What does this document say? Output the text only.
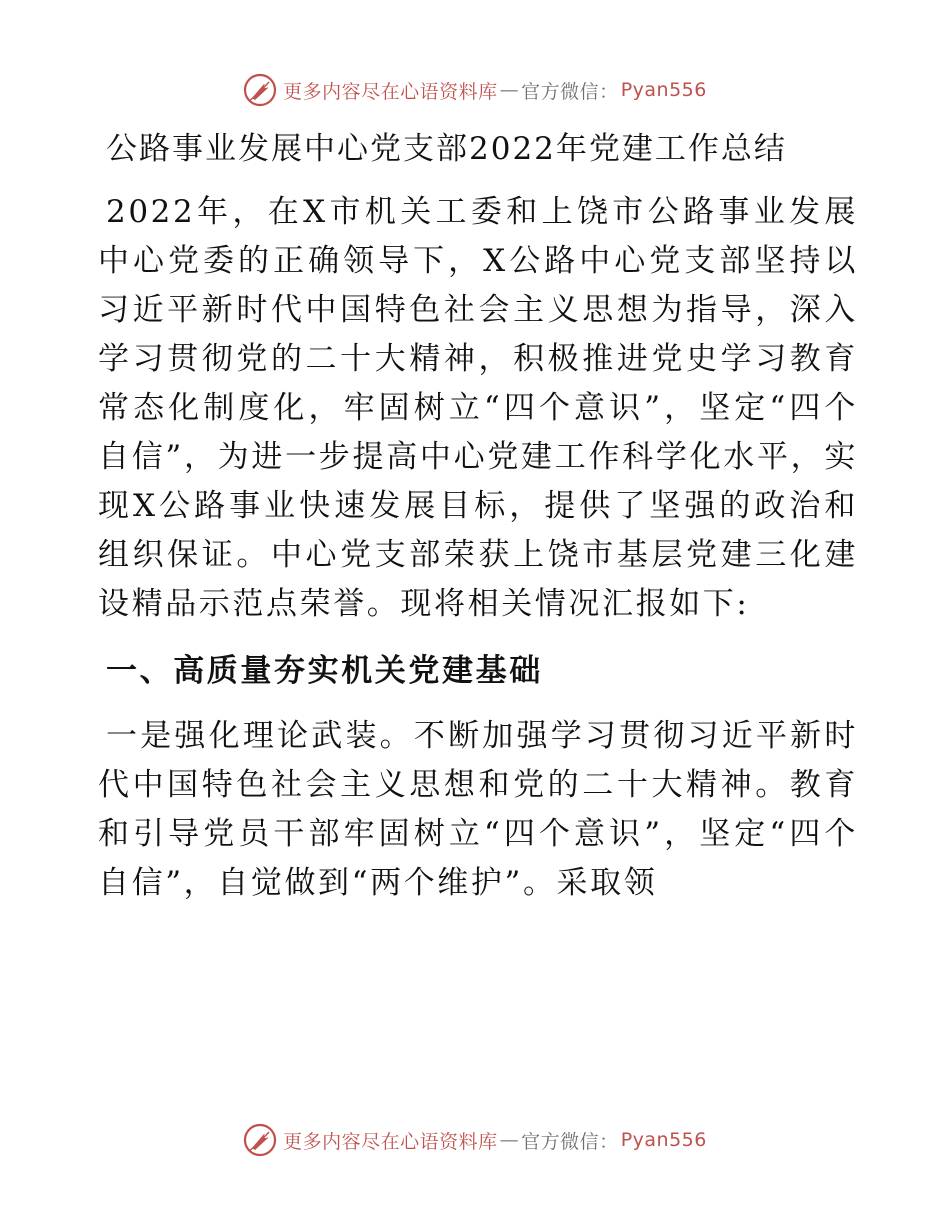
更多内容尽在心语资料库 — 官方微信： Pyan556
公路事业发展中心党支部2022年党建工作总结

2022年，在X市机关工委和上饶市公路事业发展中心党委的正确领导下，X公路中心党支部坚持以习近平新时代中国特色社会主义思想为指导，深入学习贯彻党的二十大精神，积极推进党史学习教育常态化制度化，牢固树立“四个意识”，坚定“四个自信”，为进一步提高中心党建工作科学化水平，实现X公路事业快速发展目标，提供了坚强的政治和组织保证。中心党支部荣获上饶市基层党建三化建设精品示范点荣誉。现将相关情况汇报如下:

一、高质量夯实机关党建基础

一是强化理论武装。不断加强学习贯彻习近平新时代中国特色社会主义思想和党的二十大精神。教育和引导党员干部牢固树立“四个意识”，坚定“四个自信”，自觉做到“两个维护”。采取领

更多内容尽在心语资料库 — 官方微信： Pyan556
